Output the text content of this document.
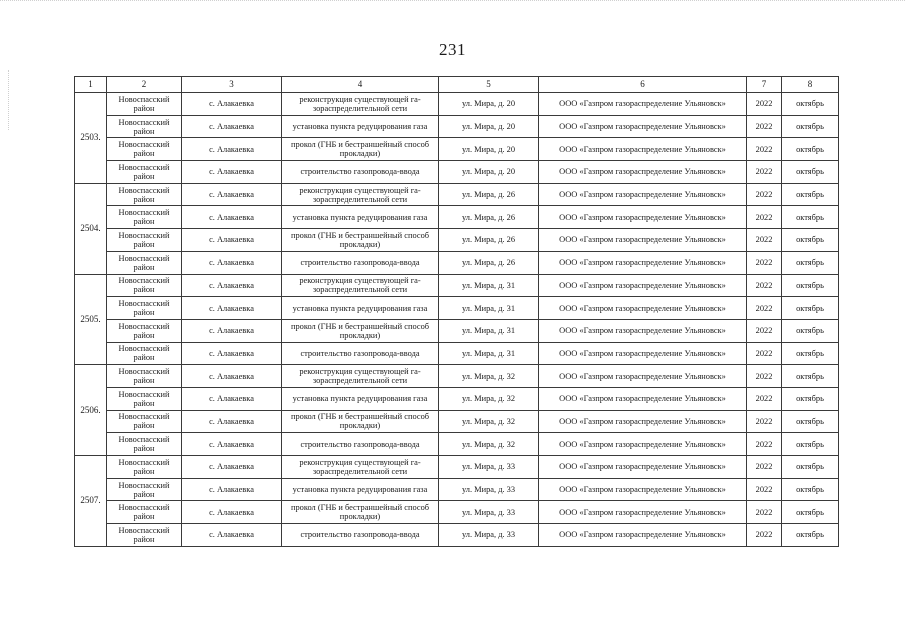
231
1	2	3	4	5	6	7	8
2503.	Новоспасский район	с. Алакаевка	реконструкция существующей га-зораспределительной сети	ул. Мира, д. 20	ООО «Газпром газораспределение Ульяновск»	2022	октябрь
	Новоспасский район	с. Алакаевка	установка пункта редуцирования газа	ул. Мира, д. 20	ООО «Газпром газораспределение Ульяновск»	2022	октябрь
	Новоспасский район	с. Алакаевка	прокол (ГНБ и бестраншейный способ прокладки)	ул. Мира, д. 20	ООО «Газпром газораспределение Ульяновск»	2022	октябрь
	Новоспасский район	с. Алакаевка	строительство газопровода-ввода	ул. Мира, д. 20	ООО «Газпром газораспределение Ульяновск»	2022	октябрь
2504.	Новоспасский район	с. Алакаевка	реконструкция существующей га-зораспределительной сети	ул. Мира, д. 26	ООО «Газпром газораспределение Ульяновск»	2022	октябрь
	Новоспасский район	с. Алакаевка	установка пункта редуцирования газа	ул. Мира, д. 26	ООО «Газпром газораспределение Ульяновск»	2022	октябрь
	Новоспасский район	с. Алакаевка	прокол (ГНБ и бестраншейный способ прокладки)	ул. Мира, д. 26	ООО «Газпром газораспределение Ульяновск»	2022	октябрь
	Новоспасский район	с. Алакаевка	строительство газопровода-ввода	ул. Мира, д. 26	ООО «Газпром газораспределение Ульяновск»	2022	октябрь
2505.	Новоспасский район	с. Алакаевка	реконструкция существующей га-зораспределительной сети	ул. Мира, д. 31	ООО «Газпром газораспределение Ульяновск»	2022	октябрь
	Новоспасский район	с. Алакаевка	установка пункта редуцирования газа	ул. Мира, д. 31	ООО «Газпром газораспределение Ульяновск»	2022	октябрь
	Новоспасский район	с. Алакаевка	прокол (ГНБ и бестраншейный способ прокладки)	ул. Мира, д. 31	ООО «Газпром газораспределение Ульяновск»	2022	октябрь
	Новоспасский район	с. Алакаевка	строительство газопровода-ввода	ул. Мира, д. 31	ООО «Газпром газораспределение Ульяновск»	2022	октябрь
2506.	Новоспасский район	с. Алакаевка	реконструкция существующей га-зораспределительной сети	ул. Мира, д. 32	ООО «Газпром газораспределение Ульяновск»	2022	октябрь
	Новоспасский район	с. Алакаевка	установка пункта редуцирования газа	ул. Мира, д. 32	ООО «Газпром газораспределение Ульяновск»	2022	октябрь
	Новоспасский район	с. Алакаевка	прокол (ГНБ и бестраншейный способ прокладки)	ул. Мира, д. 32	ООО «Газпром газораспределение Ульяновск»	2022	октябрь
	Новоспасский район	с. Алакаевка	строительство газопровода-ввода	ул. Мира, д. 32	ООО «Газпром газораспределение Ульяновск»	2022	октябрь
2507.	Новоспасский район	с. Алакаевка	реконструкция существующей га-зораспределительной сети	ул. Мира, д. 33	ООО «Газпром газораспределение Ульяновск»	2022	октябрь
	Новоспасский район	с. Алакаевка	установка пункта редуцирования газа	ул. Мира, д. 33	ООО «Газпром газораспределение Ульяновск»	2022	октябрь
	Новоспасский район	с. Алакаевка	прокол (ГНБ и бестраншейный способ прокладки)	ул. Мира, д. 33	ООО «Газпром газораспределение Ульяновск»	2022	октябрь
	Новоспасский район	с. Алакаевка	строительство газопровода-ввода	ул. Мира, д. 33	ООО «Газпром газораспределение Ульяновск»	2022	октябрь
